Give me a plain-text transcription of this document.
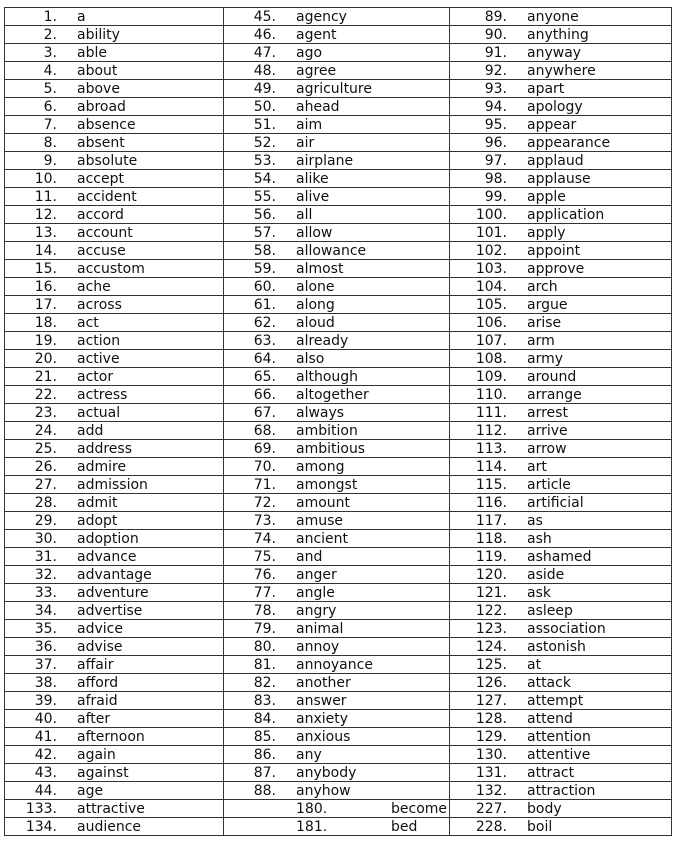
1. a	45. agency	89. anyone
2. ability	46. agent	90. anything
3. able	47. ago	91. anyway
4. about	48. agree	92. anywhere
5. above	49. agriculture	93. apart
6. abroad	50. ahead	94. apology
7. absence	51. aim	95. appear
8. absent	52. air	96. appearance
9. absolute	53. airplane	97. applaud
10. accept	54. alike	98. applause
11. accident	55. alive	99. apple
12. accord	56. all	100. application
13. account	57. allow	101. apply
14. accuse	58. allowance	102. appoint
15. accustom	59. almost	103. approve
16. ache	60. alone	104. arch
17. across	61. along	105. argue
18. act	62. aloud	106. arise
19. action	63. already	107. arm
20. active	64. also	108. army
21. actor	65. although	109. around
22. actress	66. altogether	110. arrange
23. actual	67. always	111. arrest
24. add	68. ambition	112. arrive
25. address	69. ambitious	113. arrow
26. admire	70. among	114. art
27. admission	71. amongst	115. article
28. admit	72. amount	116. artificial
29. adopt	73. amuse	117. as
30. adoption	74. ancient	118. ash
31. advance	75. and	119. ashamed
32. advantage	76. anger	120. aside
33. adventure	77. angle	121. ask
34. advertise	78. angry	122. asleep
35. advice	79. animal	123. association
36. advise	80. annoy	124. astonish
37. affair	81. annoyance	125. at
38. afford	82. another	126. attack
39. afraid	83. answer	127. attempt
40. after	84. anxiety	128. attend
41. afternoon	85. anxious	129. attention
42. again	86. any	130. attentive
43. against	87. anybody	131. attract
44. age	88. anyhow	132. attraction
133. attractive	180. become	227. body
134. audience	181. bed	228. boil
